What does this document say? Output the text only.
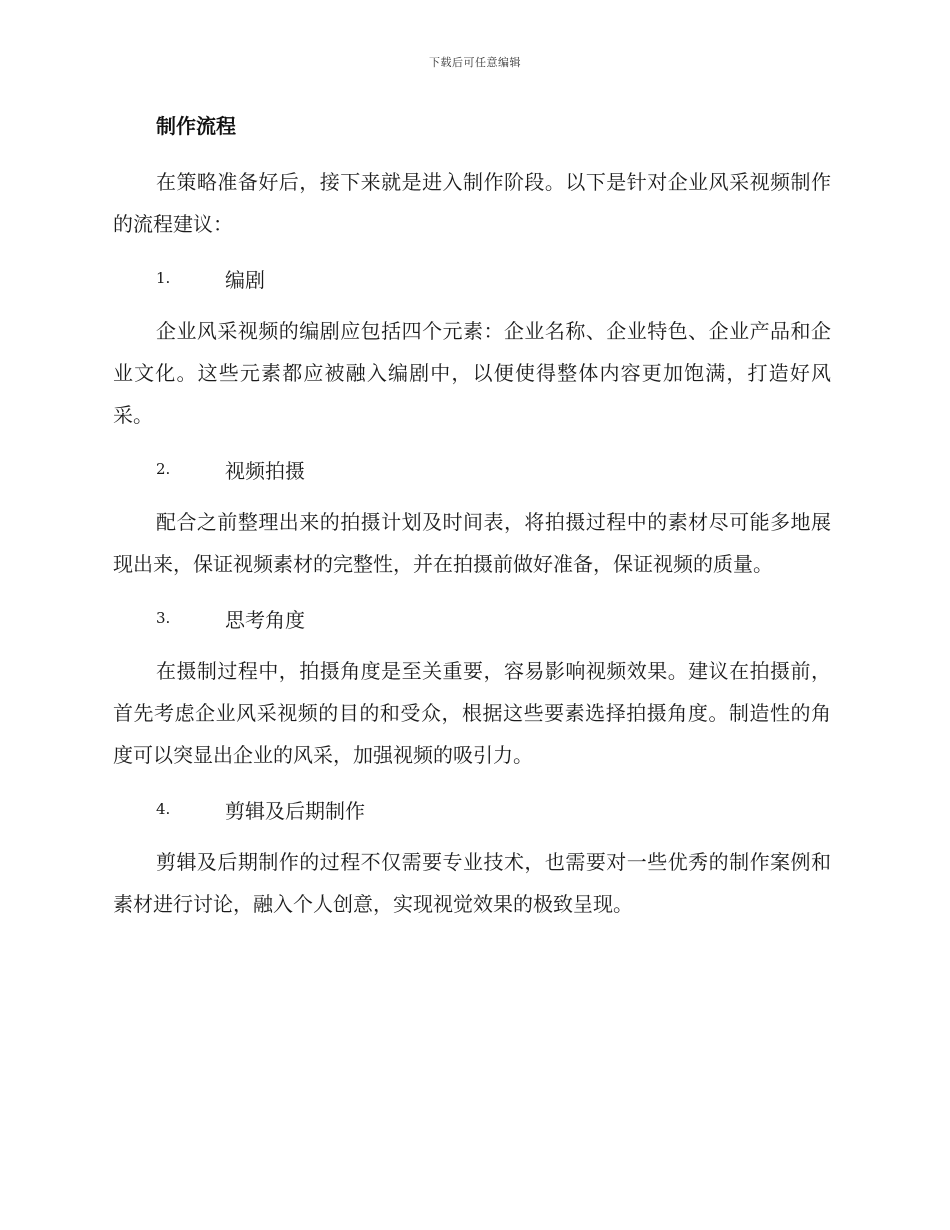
下载后可任意编辑
制作流程

在策略准备好后，接下来就是进入制作阶段。以下是针对企业风采视频制作的流程建议：

1.	编剧

企业风采视频的编剧应包括四个元素：企业名称、企业特色、企业产品和企业文化。这些元素都应被融入编剧中，以便使得整体内容更加饱满，打造好风采。

2.	视频拍摄

配合之前整理出来的拍摄计划及时间表，将拍摄过程中的素材尽可能多地展现出来，保证视频素材的完整性，并在拍摄前做好准备，保证视频的质量。

3.	思考角度

在摄制过程中，拍摄角度是至关重要，容易影响视频效果。建议在拍摄前，首先考虑企业风采视频的目的和受众，根据这些要素选择拍摄角度。制造性的角度可以突显出企业的风采，加强视频的吸引力。

4.	剪辑及后期制作

剪辑及后期制作的过程不仅需要专业技术，也需要对一些优秀的制作案例和素材进行讨论，融入个人创意，实现视觉效果的极致呈现。
